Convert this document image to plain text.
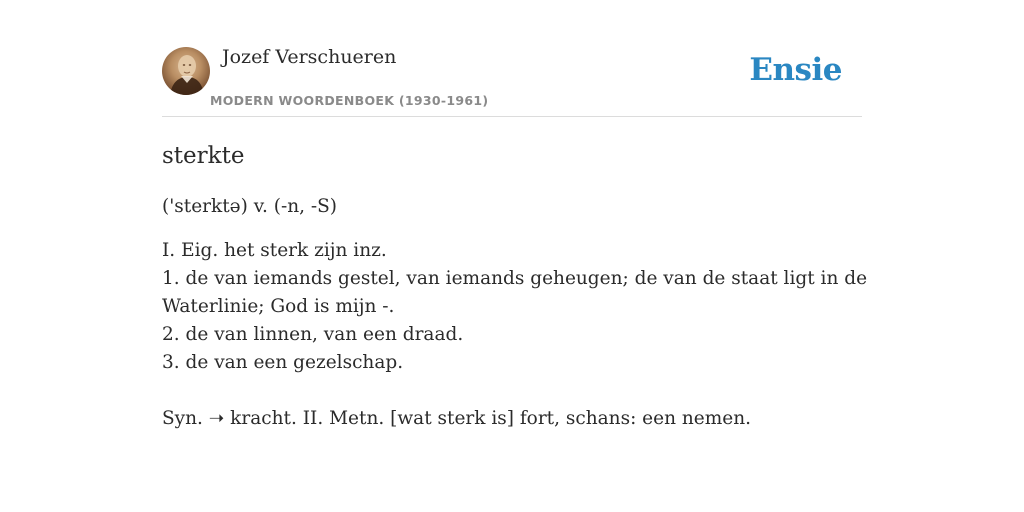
Jozef Verschueren
MODERN WOORDENBOEK (1930-1961)
Ensie
sterkte
('sterktə) v. (-n, -S)
I. Eig. het sterk zijn inz.
1. de van iemands gestel, van iemands geheugen; de van de staat ligt in de
Waterlinie; God is mijn -.
2. de van linnen, van een draad.
3. de van een gezelschap.
Syn. ➝ kracht. II. Metn. [wat sterk is] fort, schans: een nemen.
